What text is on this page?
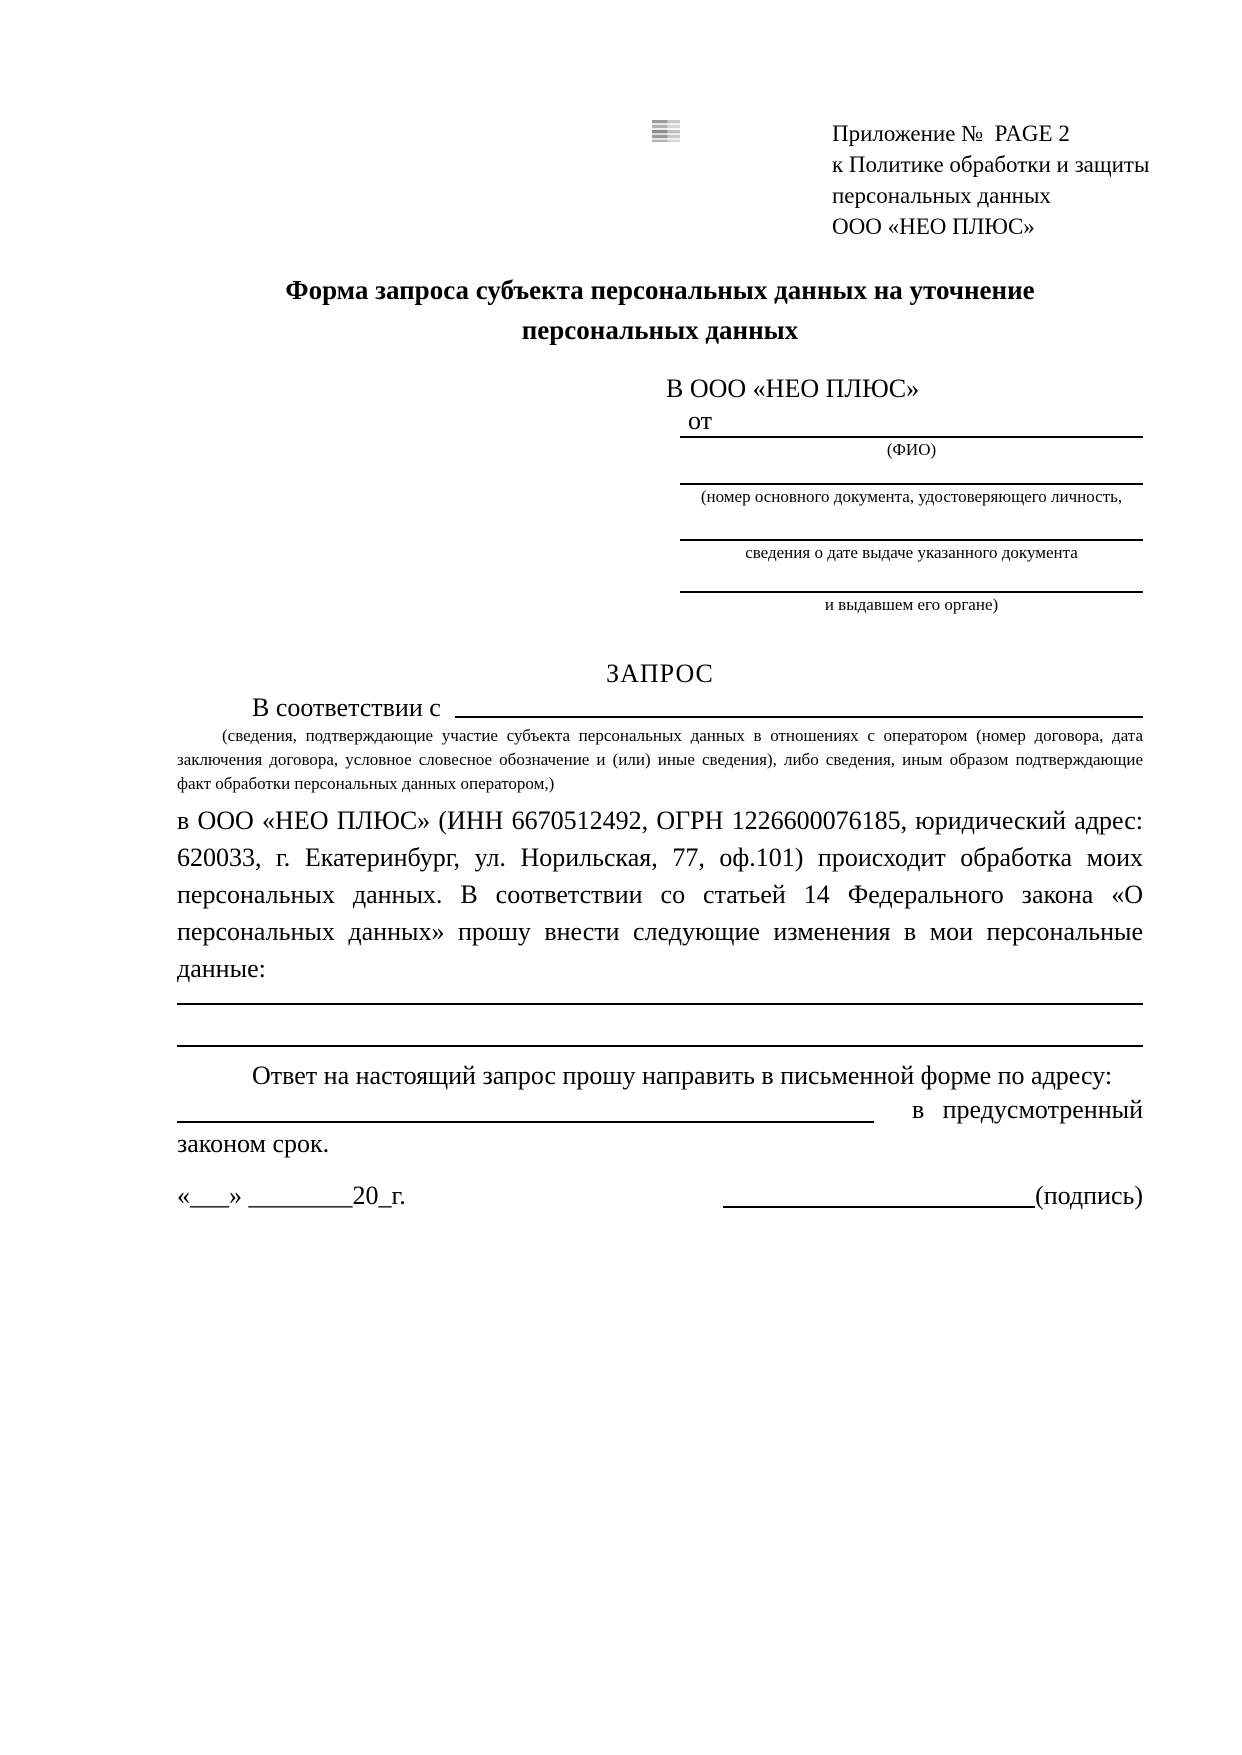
Приложение №  PAGE 2
к Политике обработки и защиты
персональных данных
ООО «НЕО ПЛЮС»
Форма запроса субъекта персональных данных на уточнение
персональных данных
В ООО «НЕО ПЛЮС»
от
(ФИО)
(номер основного документа, удостоверяющего личность,
сведения о дате выдаче указанного документа
и выдавшем его органе)
ЗАПРОС
В соответствии с

(сведения, подтверждающие участие субъекта персональных данных в отношениях с оператором (номер договора, дата заключения договора, условное словесное обозначение и (или) иные сведения), либо сведения, иным образом подтверждающие факт обработки персональных данных оператором,)

в ООО «НЕО ПЛЮС» (ИНН 6670512492, ОГРН 1226600076185, юридический адрес: 620033, г. Екатеринбург, ул. Норильская, 77, оф.101) происходит обработка моих персональных данных. В соответствии со статьей 14 Федерального закона «О персональных данных» прошу внести следующие изменения в мои персональные данные:

Ответ на настоящий запрос прошу направить в письменной форме по адресу:
в предусмотренный
законом срок.
«___» ________20_г.	(подпись)
